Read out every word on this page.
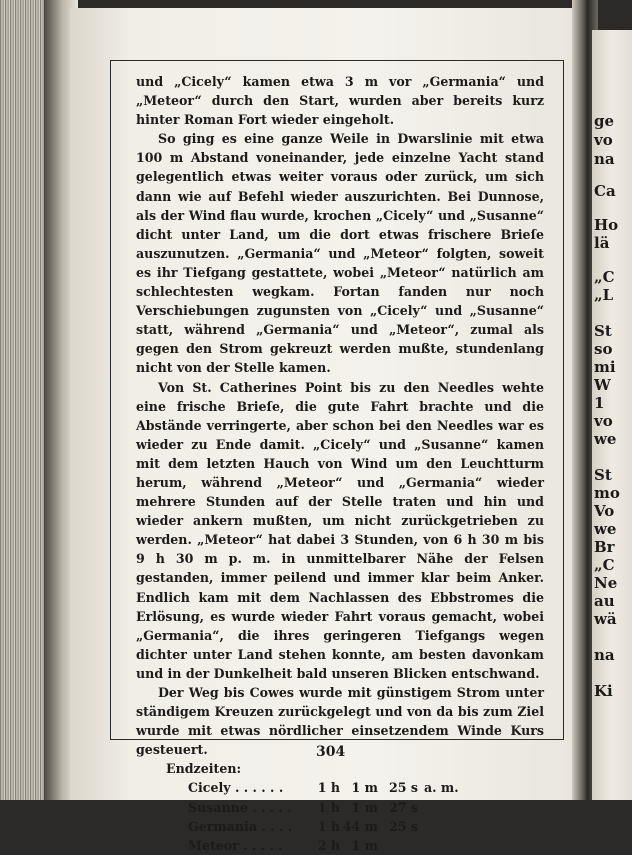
ge
vo
na
Ca
Ho
lä
„C
„L
St
so
mi
W
1
vo
we
St
mo
Vo
we
Br
„C
Ne
au
wä
na
Ki

und „Cicely“ kamen etwa 3 m vor „Germania“ und „Meteor“ durch den Start, wurden aber bereits kurz hinter Roman Fort wieder eingeholt.

So ging es eine ganze Weile in Dwarslinie mit etwa 100 m Abstand voneinander, jede einzelne Yacht stand gelegentlich etwas weiter voraus oder zurück, um sich dann wie auf Befehl wieder auszurichten. Bei Dunnose, als der Wind flau wurde, krochen „Cicely“ und „Susanne“ dicht unter Land, um die dort etwas frischere Brieſe auszunutzen. „Germania“ und „Meteor“ folgten, soweit es ihr Tiefgang gestattete, wobei „Meteor“ natürlich am schlechtesten wegkam. Fortan fanden nur noch Verschiebungen zugunsten von „Cicely“ und „Susanne“ statt, während „Germania“ und „Meteor“, zumal als gegen den Strom gekreuzt werden mußte, stundenlang nicht von der Stelle kamen.

Von St. Catherines Point bis zu den Needles wehte eine frische Brieſe, die gute Fahrt brachte und die Abstände verringerte, aber schon bei den Needles war es wieder zu Ende damit. „Cicely“ und „Susanne“ kamen mit dem letzten Hauch von Wind um den Leuchtturm herum, während „Meteor“ und „Germania“ wieder mehrere Stunden auf der Stelle traten und hin und wieder ankern mußten, um nicht zurückgetrieben zu werden. „Meteor“ hat dabei 3 Stunden, von 6 h 30 m bis 9 h 30 m p. m. in unmittelbarer Nähe der Felsen gestanden, immer peilend und immer klar beim Anker. Endlich kam mit dem Nachlassen des Ebbstromes die Erlösung, es wurde wieder Fahrt voraus gemacht, wobei „Germania“, die ihres geringeren Tiefgangs wegen dichter unter Land stehen konnte, am besten davonkam und in der Dunkelheit bald unseren Blicken entschwand.

Der Weg bis Cowes wurde mit günstigem Strom unter ständigem Kreuzen zurückgelegt und von da bis zum Ziel wurde mit etwas nördlicher einsetzendem Winde Kurs gesteuert.

Endzeiten:

Cicely . . . . . .	1 h 1 m 25 s a. m.
Susanne . . . . .	1 h 1 m 27 s
Germania . . . .	1 h 44 m 25 s
Meteor . . . . .	2 h 1 m
304
